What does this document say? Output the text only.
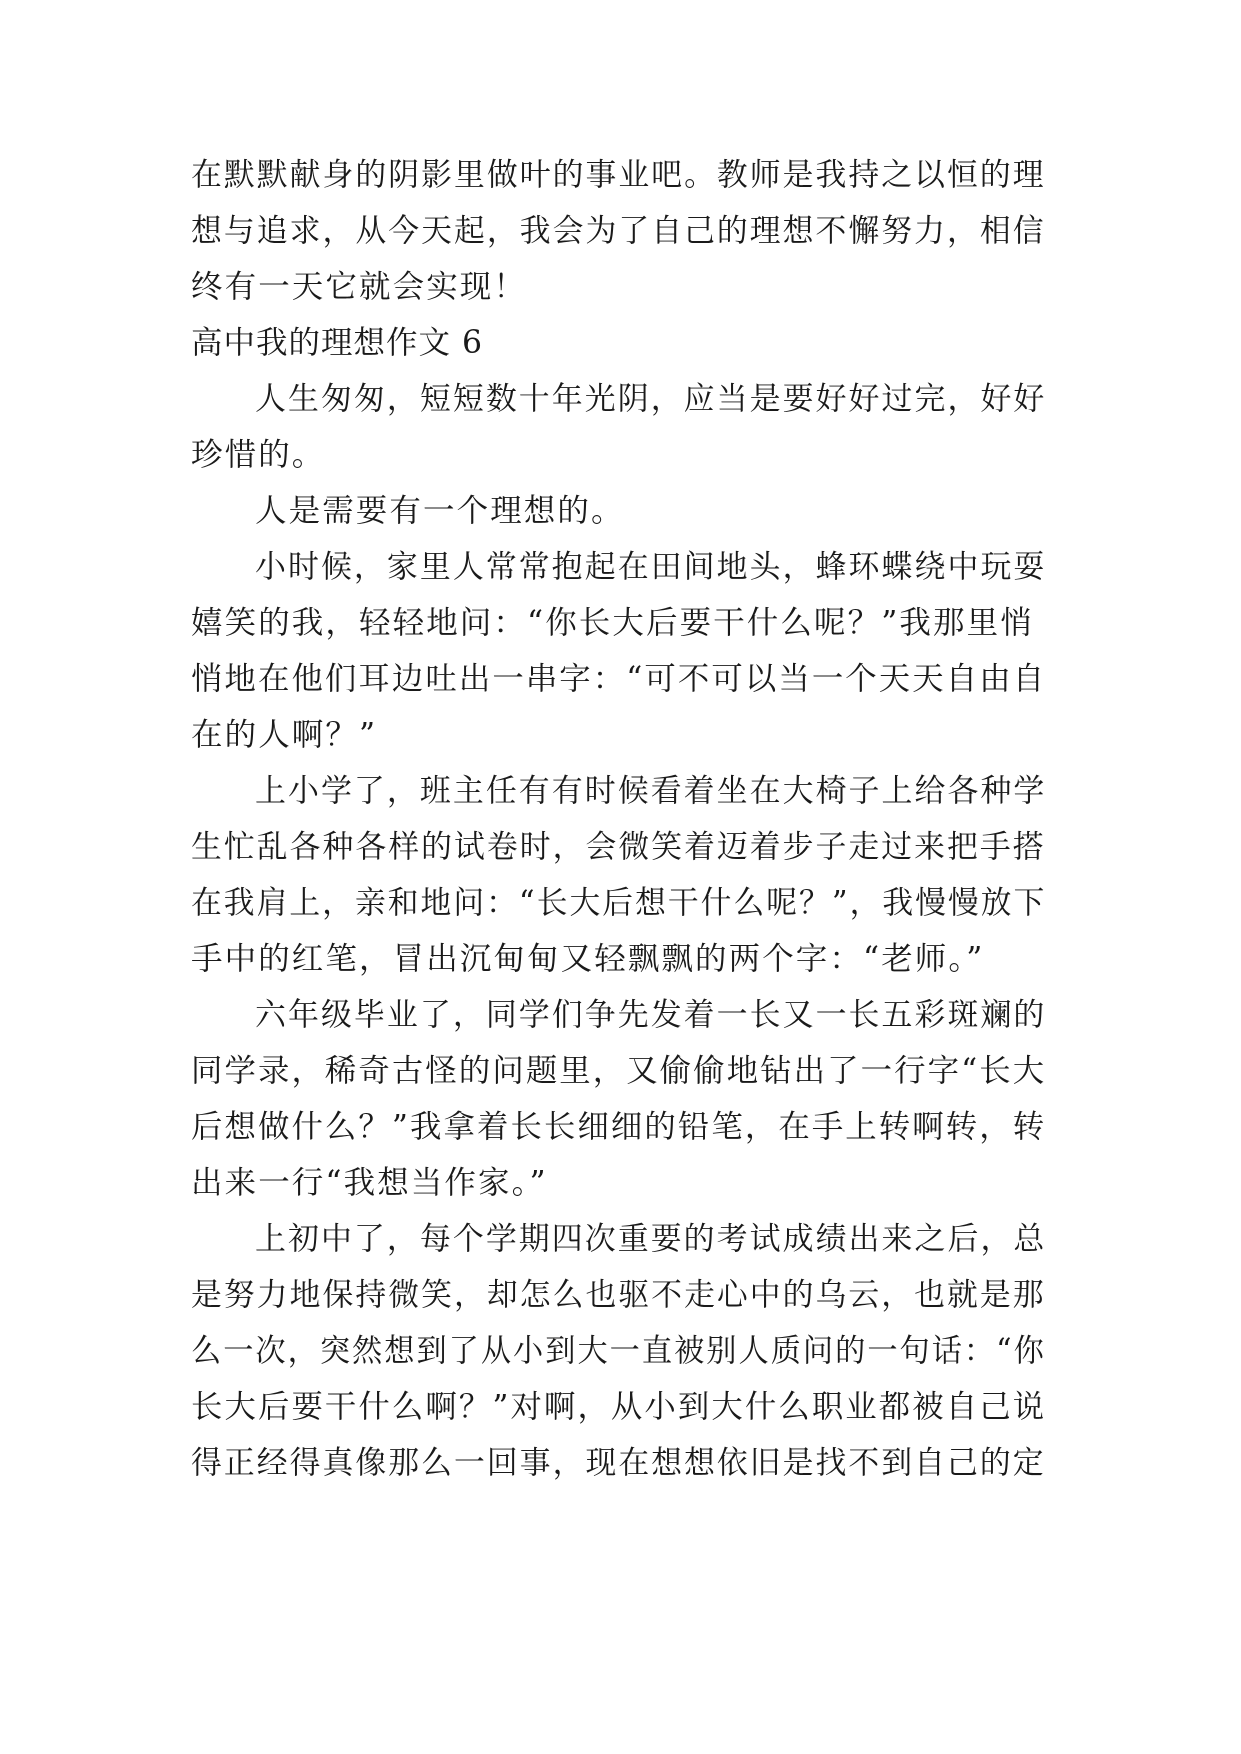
在默默献身的阴影里做叶的事业吧。教师是我持之以恒的理
想与追求，从今天起，我会为了自己的理想不懈努力，相信
终有一天它就会实现！
高中我的理想作文 6
人生匆匆，短短数十年光阴，应当是要好好过完，好好
珍惜的。
人是需要有一个理想的。
小时候，家里人常常抱起在田间地头，蜂环蝶绕中玩耍
嬉笑的我，轻轻地问：“你长大后要干什么呢？”我那里悄
悄地在他们耳边吐出一串字：“可不可以当一个天天自由自
在的人啊？”
上小学了，班主任有有时候看着坐在大椅子上给各种学
生忙乱各种各样的试卷时，会微笑着迈着步子走过来把手搭
在我肩上，亲和地问：“长大后想干什么呢？”，我慢慢放下
手中的红笔，冒出沉甸甸又轻飘飘的两个字：“老师。”
六年级毕业了，同学们争先发着一长又一长五彩斑斓的
同学录，稀奇古怪的问题里，又偷偷地钻出了一行字“长大
后想做什么？”我拿着长长细细的铅笔，在手上转啊转，转
出来一行“我想当作家。”
上初中了，每个学期四次重要的考试成绩出来之后，总
是努力地保持微笑，却怎么也驱不走心中的乌云，也就是那
么一次，突然想到了从小到大一直被别人质问的一句话：“你
长大后要干什么啊？”对啊，从小到大什么职业都被自己说
得正经得真像那么一回事，现在想想依旧是找不到自己的定
